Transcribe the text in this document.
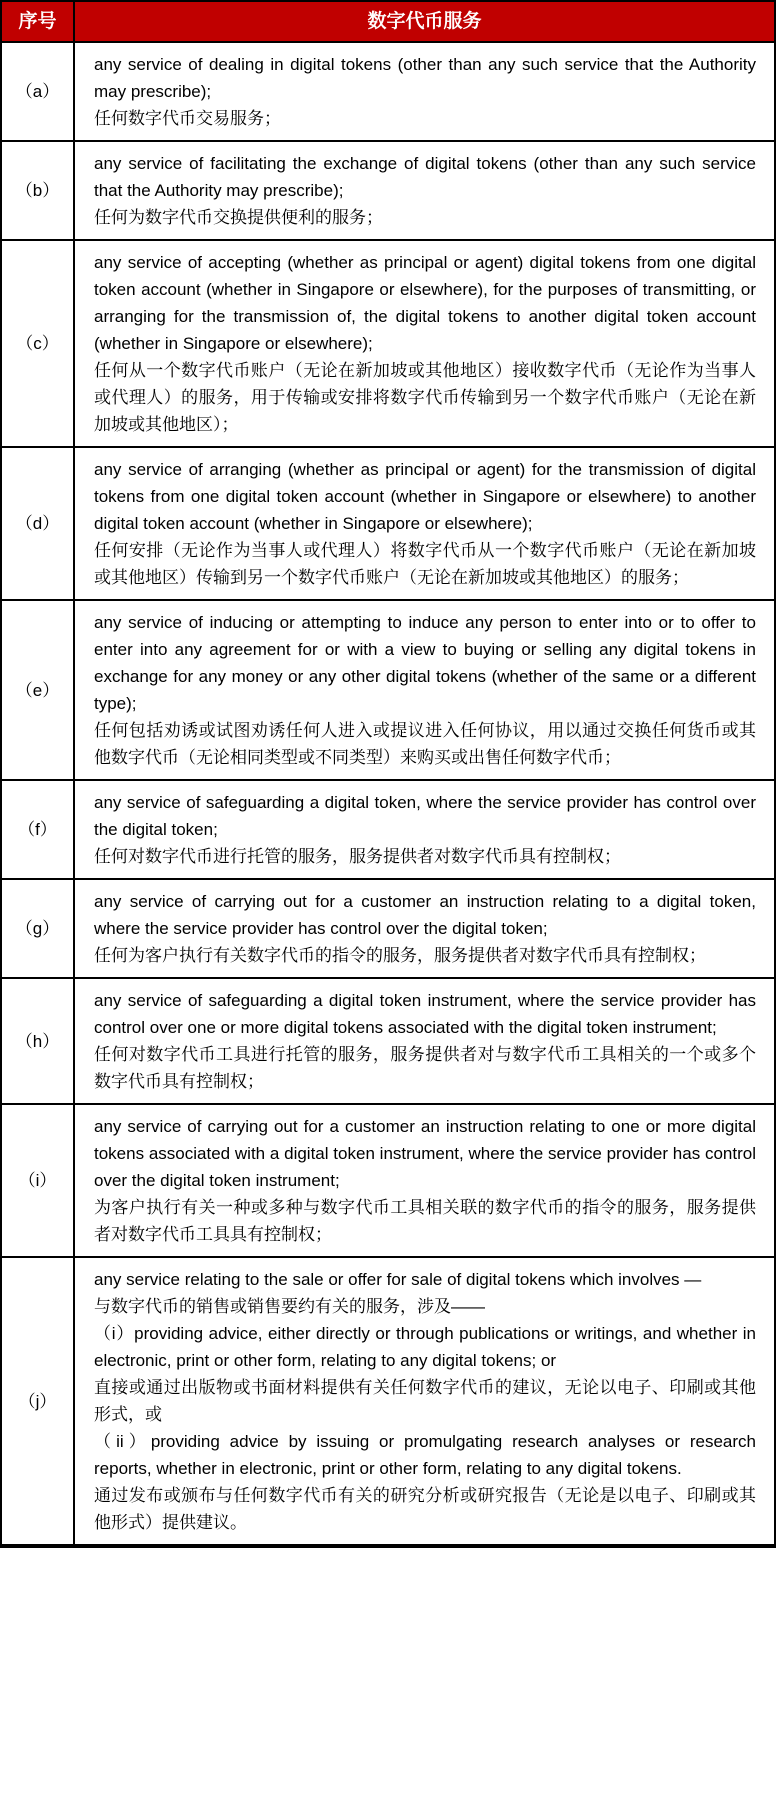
序号	数字代币服务
（a）	any service of dealing in digital tokens (other than any such service that the Authority may prescribe);

任何数字代币交易服务；

（b）	any service of facilitating the exchange of digital tokens (other than any such service that the Authority may prescribe);

任何为数字代币交换提供便利的服务；

（c）	any service of accepting (whether as principal or agent) digital tokens from one digital token account (whether in Singapore or elsewhere), for the purposes of transmitting, or arranging for the transmission of, the digital tokens to another digital token account (whether in Singapore or elsewhere);

任何从一个数字代币账户（无论在新加坡或其他地区）接收数字代币（无论作为当事人或代理人）的服务，用于传输或安排将数字代币传输到另一个数字代币账户（无论在新加坡或其他地区）；

（d）	any service of arranging (whether as principal or agent) for the transmission of digital tokens from one digital token account (whether in Singapore or elsewhere) to another digital token account (whether in Singapore or elsewhere);

任何安排（无论作为当事人或代理人）将数字代币从一个数字代币账户（无论在新加坡或其他地区）传输到另一个数字代币账户（无论在新加坡或其他地区）的服务；

（e）	any service of inducing or attempting to induce any person to enter into or to offer to enter into any agreement for or with a view to buying or selling any digital tokens in exchange for any money or any other digital tokens (whether of the same or a different type);

任何包括劝诱或试图劝诱任何人进入或提议进入任何协议，用以通过交换任何货币或其他数字代币（无论相同类型或不同类型）来购买或出售任何数字代币；

（f）	any service of safeguarding a digital token, where the service provider has control over the digital token;

任何对数字代币进行托管的服务，服务提供者对数字代币具有控制权；

（g）	any service of carrying out for a customer an instruction relating to a digital token, where the service provider has control over the digital token;

任何为客户执行有关数字代币的指令的服务，服务提供者对数字代币具有控制权；

（h）	any service of safeguarding a digital token instrument, where the service provider has control over one or more digital tokens associated with the digital token instrument;

任何对数字代币工具进行托管的服务，服务提供者对与数字代币工具相关的一个或多个数字代币具有控制权；

（i）	any service of carrying out for a customer an instruction relating to one or more digital tokens associated with a digital token instrument, where the service provider has control over the digital token instrument;

为客户执行有关一种或多种与数字代币工具相关联的数字代币的指令的服务，服务提供者对数字代币工具具有控制权；

（j）	

any service relating to the sale or offer for sale of digital tokens which involves —

与数字代币的销售或销售要约有关的服务，涉及——

（i）providing advice, either directly or through publications or writings, and whether in electronic, print or other form, relating to any digital tokens; or

直接或通过出版物或书面材料提供有关任何数字代币的建议，无论以电子、印刷或其他形式，或

（ii）providing advice by issuing or promulgating research analyses or research reports, whether in electronic, print or other form, relating to any digital tokens.

通过发布或颁布与任何数字代币有关的研究分析或研究报告（无论是以电子、印刷或其他形式）提供建议。
